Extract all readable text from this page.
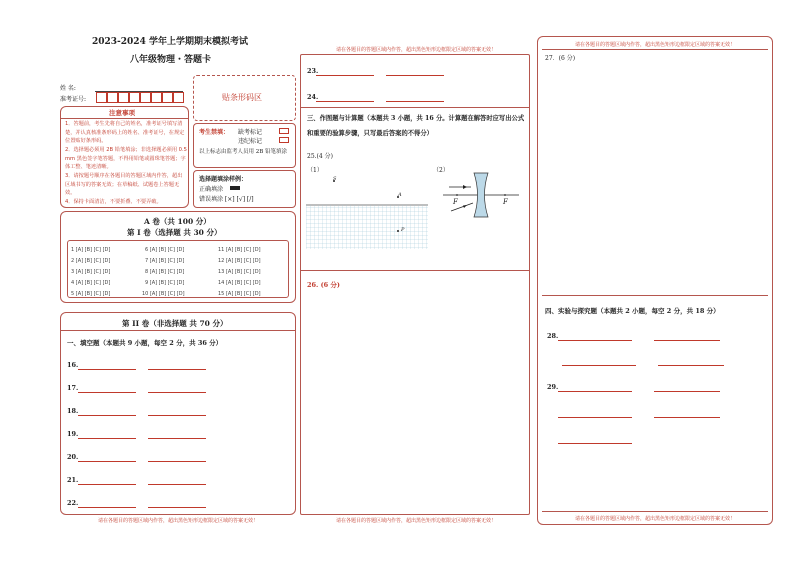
2023-2024 学年上学期期末模拟考试
八年级物理・答题卡
姓 名:
准考证号:	贴条形码区
注意事项
1．答题前，考生先将自己的姓名，准考证号填写清楚，并认真核准条形码上的姓名、准考证号，在规定位置贴好条形码。
2．选择题必须用 2B 铅笔填涂；非选择题必须用 0.5 mm 黑色签字笔答题，不得用铅笔或圆珠笔答题；字体工整、笔迹清晰。
3．请按题号顺序在各题目的答题区域内作答，超出区域书写的答案无效；在草稿纸、试题卷上答题无效。
4．保持卡面清洁，不要折叠、不要弄破。
考生禁填： 缺考标记
违纪标记
以上标志由监考人员用 2B 铅笔填涂
选择题填涂样例：
正确填涂
错误填涂 [×] [√] [/]
A 卷（共 100 分）
第 I 卷（选择题 共 30 分）
1 [A] [B] [C] [D]
2 [A] [B] [C] [D]
3 [A] [B] [C] [D]
4 [A] [B] [C] [D]
5 [A] [B] [C] [D]
6 [A] [B] [C] [D]
7 [A] [B] [C] [D]
8 [A] [B] [C] [D]
9 [A] [B] [C] [D]
10 [A] [B] [C] [D]
11 [A] [B] [C] [D]
12 [A] [B] [C] [D]
13 [A] [B] [C] [D]
14 [A] [B] [C] [D]
15 [A] [B] [C] [D]
第 II 卷（非选择题 共 70 分）
一、填空题（本题共 9 小题，每空 2 分，共 36 分）
16.
17.
18.
19.
20.
21.
22.
请在各题目的答题区域内作答，超出黑色矩形边框限定区域的答案无效！
请在各题目的答题区域内作答，超出黑色矩形边框限定区域的答案无效！
23.
24.
三、作图题与计算题（本题共 3 小题，共 16 分。计算题在解答时应写出公式和重要的验算步骤，只写最后答案的不得分）
25.(4 分)
（1）	（2）
S
A
P
F	F
26. (6 分)
请在各题目的答题区域内作答，超出黑色矩形边框限定区域的答案无效！
请在各题目的答题区域内作答，超出黑色矩形边框限定区域的答案无效！
27．(6 分)
四、实验与探究题（本题共 2 小题，每空 2 分，共 18 分）
28.
29.
请在各题目的答题区域内作答，超出黑色矩形边框限定区域的答案无效！
